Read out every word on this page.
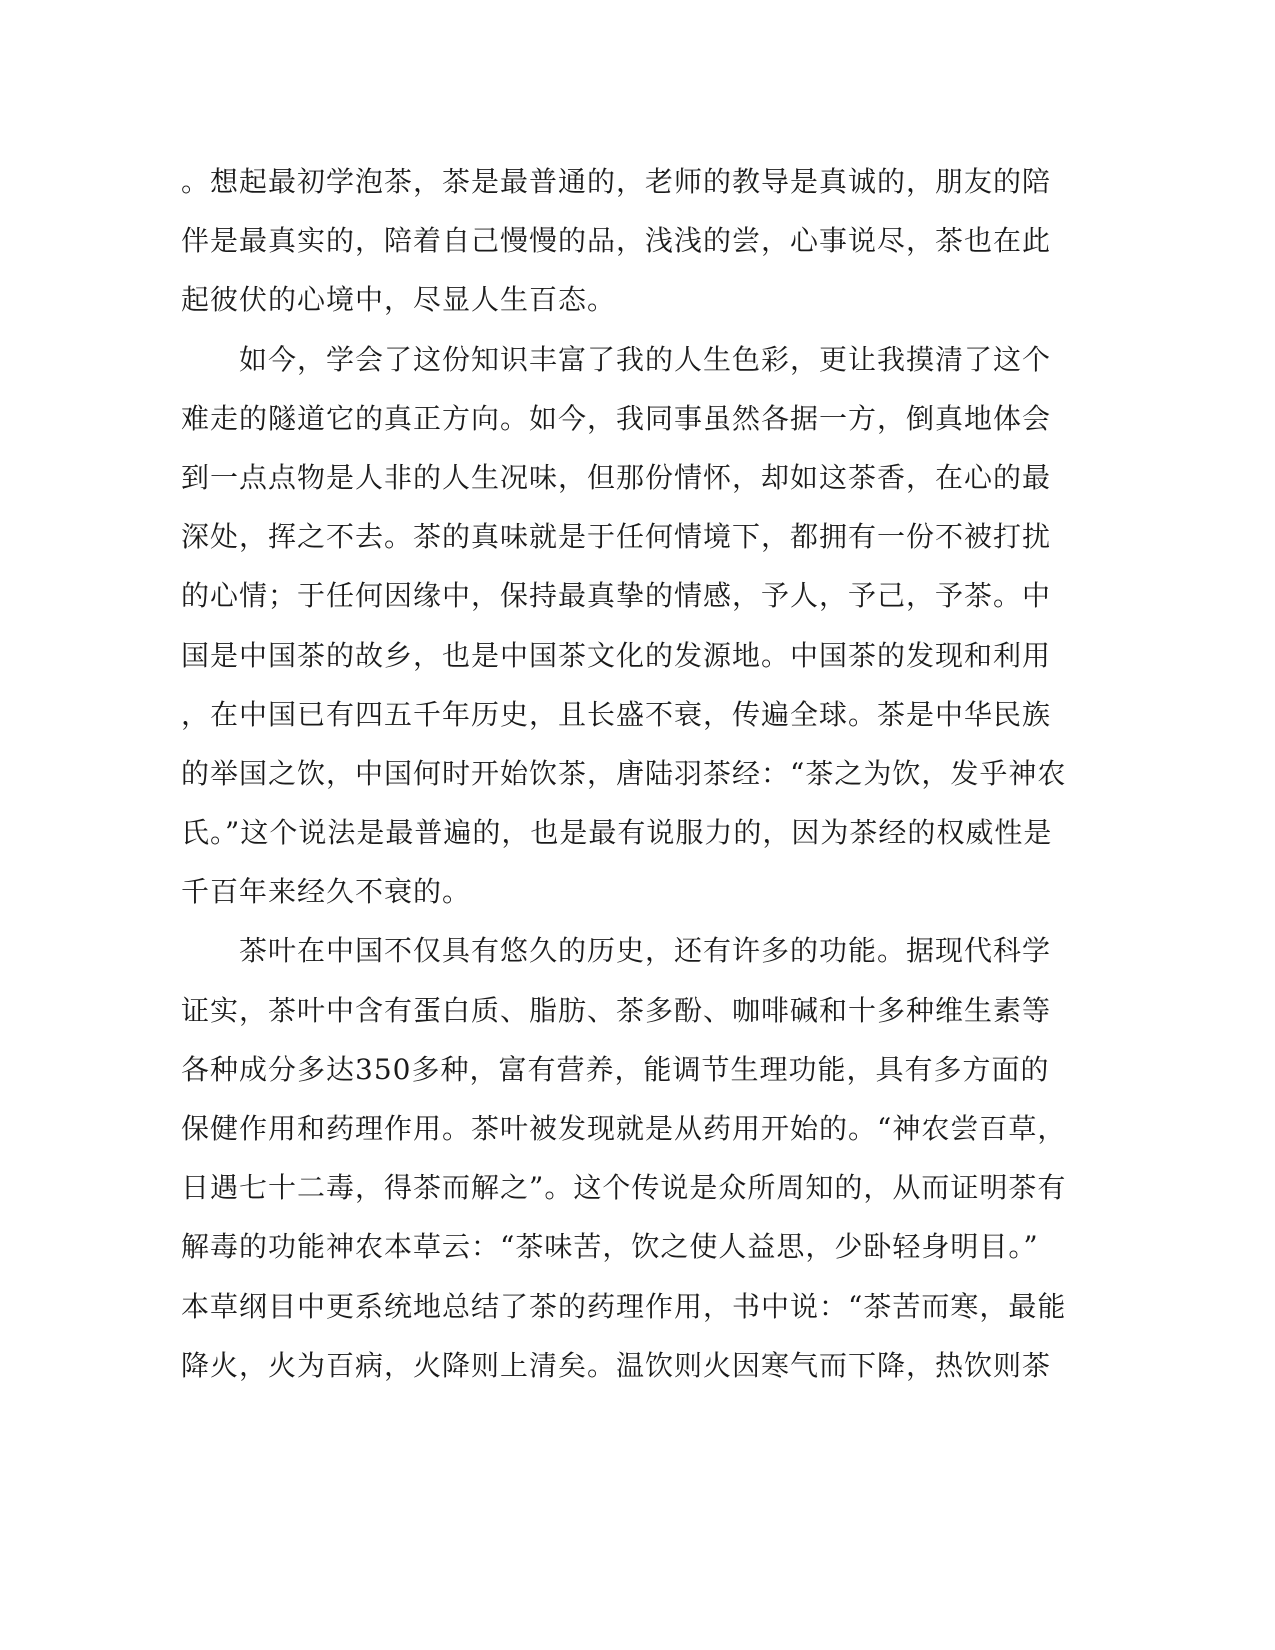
。想起最初学泡茶，茶是最普通的，老师的教导是真诚的，朋友的陪
伴是最真实的，陪着自己慢慢的品，浅浅的尝，心事说尽，茶也在此
起彼伏的心境中，尽显人生百态。
　　如今，学会了这份知识丰富了我的人生色彩，更让我摸清了这个
难走的隧道它的真正方向。如今，我同事虽然各据一方，倒真地体会
到一点点物是人非的人生况味，但那份情怀，却如这茶香，在心的最
深处，挥之不去。茶的真味就是于任何情境下，都拥有一份不被打扰
的心情；于任何因缘中，保持最真挚的情感，予人，予己，予茶。中
国是中国茶的故乡，也是中国茶文化的发源地。中国茶的发现和利用
，在中国已有四五千年历史，且长盛不衰，传遍全球。茶是中华民族
的举国之饮，中国何时开始饮茶，唐陆羽茶经：“茶之为饮，发乎神农
氏。”这个说法是最普遍的，也是最有说服力的，因为茶经的权威性是
千百年来经久不衰的。
　　茶叶在中国不仅具有悠久的历史，还有许多的功能。据现代科学
证实，茶叶中含有蛋白质、脂肪、茶多酚、咖啡碱和十多种维生素等
各种成分多达350多种，富有营养，能调节生理功能，具有多方面的
保健作用和药理作用。茶叶被发现就是从药用开始的。“神农尝百草，
日遇七十二毒，得茶而解之”。这个传说是众所周知的，从而证明茶有
解毒的功能神农本草云：“茶味苦，饮之使人益思，少卧轻身明目。”
本草纲目中更系统地总结了茶的药理作用，书中说：“茶苦而寒，最能
降火，火为百病，火降则上清矣。温饮则火因寒气而下降，热饮则茶
